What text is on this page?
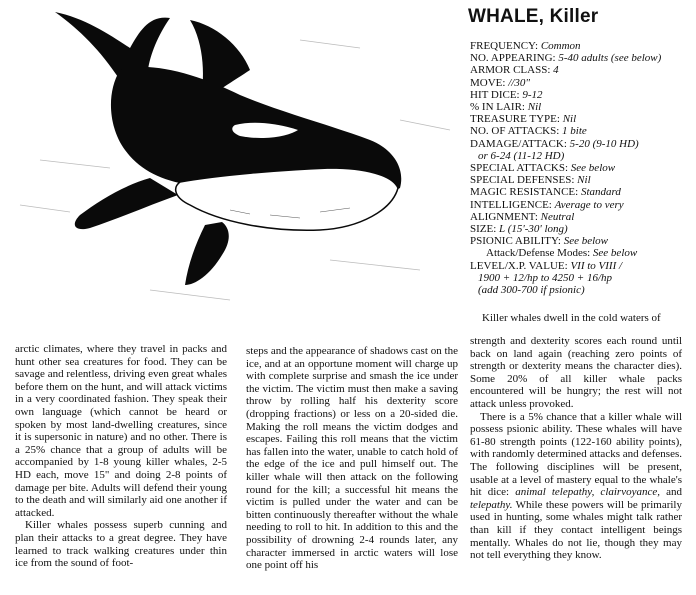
WHALE, Killer
FREQUENCY: Common
NO. APPEARING: 5-40 adults (see below)
ARMOR CLASS: 4
MOVE: //30"
HIT DICE: 9-12
% IN LAIR: Nil
TREASURE TYPE: Nil
NO. OF ATTACKS: 1 bite
DAMAGE/ATTACK: 5-20 (9-10 HD)
or 6-24 (11-12 HD)
SPECIAL ATTACKS: See below
SPECIAL DEFENSES: Nil
MAGIC RESISTANCE: Standard
INTELLIGENCE: Average to very
ALIGNMENT: Neutral
SIZE: L (15'-30' long)
PSIONIC ABILITY: See below
Attack/Defense Modes: See below
LEVEL/X.P. VALUE: VII to VIII /
1900 + 12/hp to 4250 + 16/hp
(add 300-700 if psionic)
Killer whales dwell in the cold waters of

arctic climates, where they travel in packs and hunt other sea creatures for food. They can be savage and relentless, driving even great whales before them on the hunt, and will attack victims in a very coordinated fashion. They speak their own language (which cannot be heard or spoken by most land-dwelling creatures, since it is supersonic in nature) and no other. There is a 25% chance that a group of adults will be accompanied by 1-8 young killer whales, 2-5 HD each, move 15" and doing 2-8 points of damage per bite. Adults will defend their young to the death and will similarly aid one another if attacked.

Killer whales possess superb cunning and plan their attacks to a great degree. They have learned to track walking creatures under thin ice from the sound of foot-

steps and the appearance of shadows cast on the ice, and at an opportune moment will charge up with complete surprise and smash the ice under the victim. The victim must then make a saving throw by rolling half his dexterity score (dropping fractions) or less on a 20-sided die. Making the roll means the victim dodges and escapes. Failing this roll means that the victim has fallen into the water, unable to catch hold of the edge of the ice and pull himself out. The killer whale will then attack on the following round for the kill; a successful hit means the victim is pulled under the water and can be bitten continuously thereafter without the whale needing to roll to hit. In addition to this and the possibility of drowning 2-4 rounds later, any character immersed in arctic waters will lose one point off his

strength and dexterity scores each round until back on land again (reaching zero points of strength or dexterity means the character dies). Some 20% of all killer whale packs encountered will be hungry; the rest will not attack unless provoked.

There is a 5% chance that a killer whale will possess psionic ability. These whales will have 61-80 strength points (122-160 ability points), with randomly determined attacks and defenses. The following disciplines will be present, usable at a level of mastery equal to the whale's hit dice: animal telepathy, clairvoyance, and telepathy. While these powers will be primarily used in hunting, some whales might talk rather than kill if they contact intelligent beings mentally. Whales do not lie, though they may not tell everything they know.
